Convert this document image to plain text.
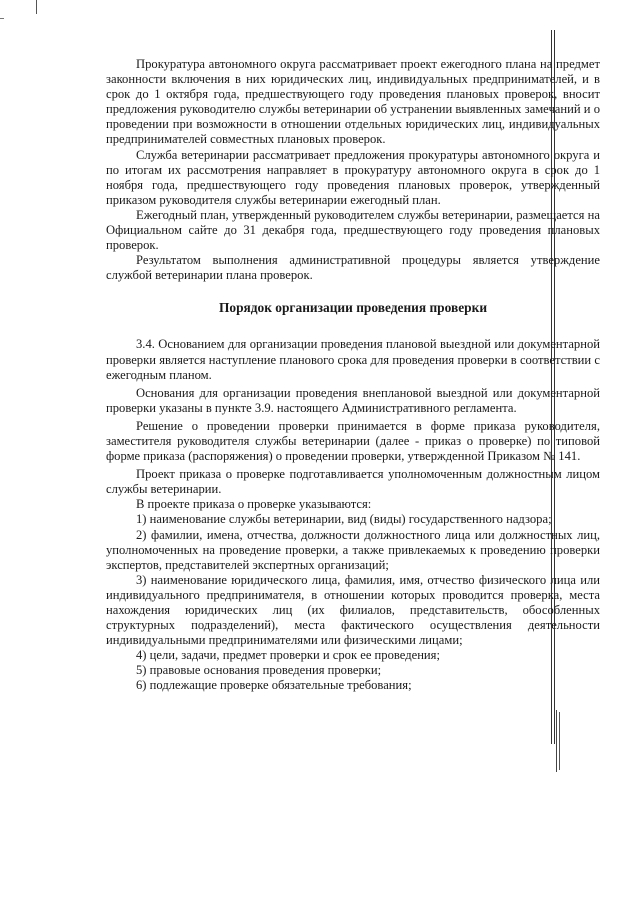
Прокуратура автономного округа рассматривает проект ежегодного плана на предмет законности включения в них юридических лиц, индивидуальных предпринимателей, и в срок до 1 октября года, предшествующего году проведения плановых проверок, вносит предложения руководителю службы ветеринарии об устранении выявленных замечаний и о проведении при возможности в отношении отдельных юридических лиц, индивидуальных предпринимателей совместных плановых проверок.

Служба ветеринарии рассматривает предложения прокуратуры автономного округа и по итогам их рассмотрения направляет в прокуратуру автономного округа в срок до 1 ноября года, предшествующего году проведения плановых проверок, утвержденный приказом руководителя службы ветеринарии ежегодный план.

Ежегодный план, утвержденный руководителем службы ветеринарии, размещается на Официальном сайте до 31 декабря года, предшествующего году проведения плановых проверок.

Результатом выполнения административной процедуры является утверждение службой ветеринарии плана проверок.

Порядок организации проведения проверки

3.4. Основанием для организации проведения плановой выездной или документарной проверки является наступление планового срока для проведения проверки в соответствии с ежегодным планом.

Основания для организации проведения внеплановой выездной или документарной проверки указаны в пункте 3.9. настоящего Административного регламента.

Решение о проведении проверки принимается в форме приказа руководителя, заместителя руководителя службы ветеринарии (далее - приказ о проверке) по типовой форме приказа (распоряжения) о проведении проверки, утвержденной Приказом № 141.

Проект приказа о проверке подготавливается уполномоченным должностным лицом службы ветеринарии.

В проекте приказа о проверке указываются:

1) наименование службы ветеринарии, вид (виды) государственного надзора;
2) фамилии, имена, отчества, должности должностного лица или должностных лиц, уполномоченных на проведение проверки, а также привлекаемых к проведению проверки экспертов, представителей экспертных организаций;
3) наименование юридического лица, фамилия, имя, отчество физического лица или индивидуального предпринимателя, в отношении которых проводится проверка, места нахождения юридических лиц (их филиалов, представительств, обособленных структурных подразделений), места фактического осуществления деятельности индивидуальными предпринимателями или физическими лицами;
4) цели, задачи, предмет проверки и срок ее проведения;
5) правовые основания проведения проверки;
6) подлежащие проверке обязательные требования;
